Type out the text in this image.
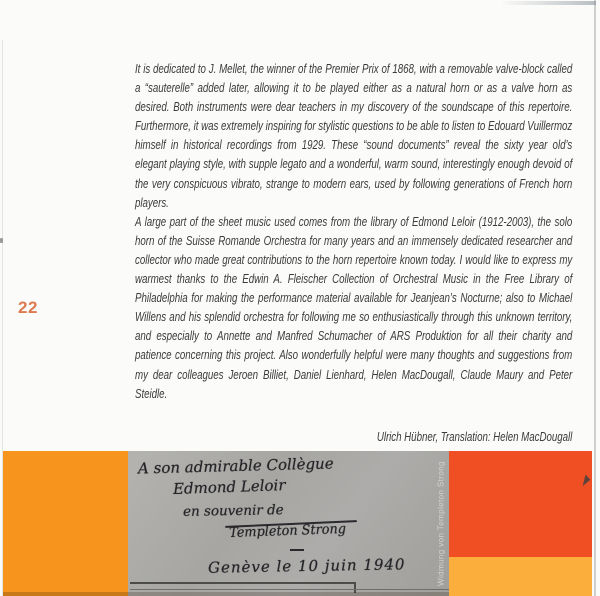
22

It is dedicated to J. Mellet, the winner of the Premier Prix of 1868, with a removable valve-block called a “sauterelle” added later, allowing it to be played either as a natural horn or as a valve horn as desired. Both instruments were dear teachers in my discovery of the soundscape of this repertoire. Furthermore, it was extremely inspiring for stylistic questions to be able to listen to Edouard Vuillermoz himself in historical recordings from 1929. These “sound documents” reveal the sixty year old’s elegant playing style, with supple legato and a wonderful, warm sound, interestingly enough devoid of the very conspicuous vibrato, strange to modern ears, used by following generations of French horn players.

A large part of the sheet music used comes from the library of Edmond Leloir (1912-2003), the solo horn of the Suisse Romande Orchestra for many years and an immensely dedicated researcher and collector who made great contributions to the horn repertoire known today. I would like to express my warmest thanks to the Edwin A. Fleischer Collection of Orchestral Music in the Free Library of Philadelphia for making the performance material available for Jeanjean’s Nocturne; also to Michael Willens and his splendid orchestra for following me so enthusiastically through this unknown territory, and especially to Annette and Manfred Schumacher of ARS Produktion for all their charity and patience concerning this project. Also wonderfully helpful were many thoughts and suggestions from my dear colleagues Jeroen Billiet, Daniel Lienhard, Helen MacDougall, Claude Maury and Peter Steidle.

Ulrich Hübner, Translation: Helen MacDougall

A son admirable Collègue
Edmond Leloir
en souvenir de
Templeton Strong
Genève le 10 juin 1940	Widmung von Templeton Strong
